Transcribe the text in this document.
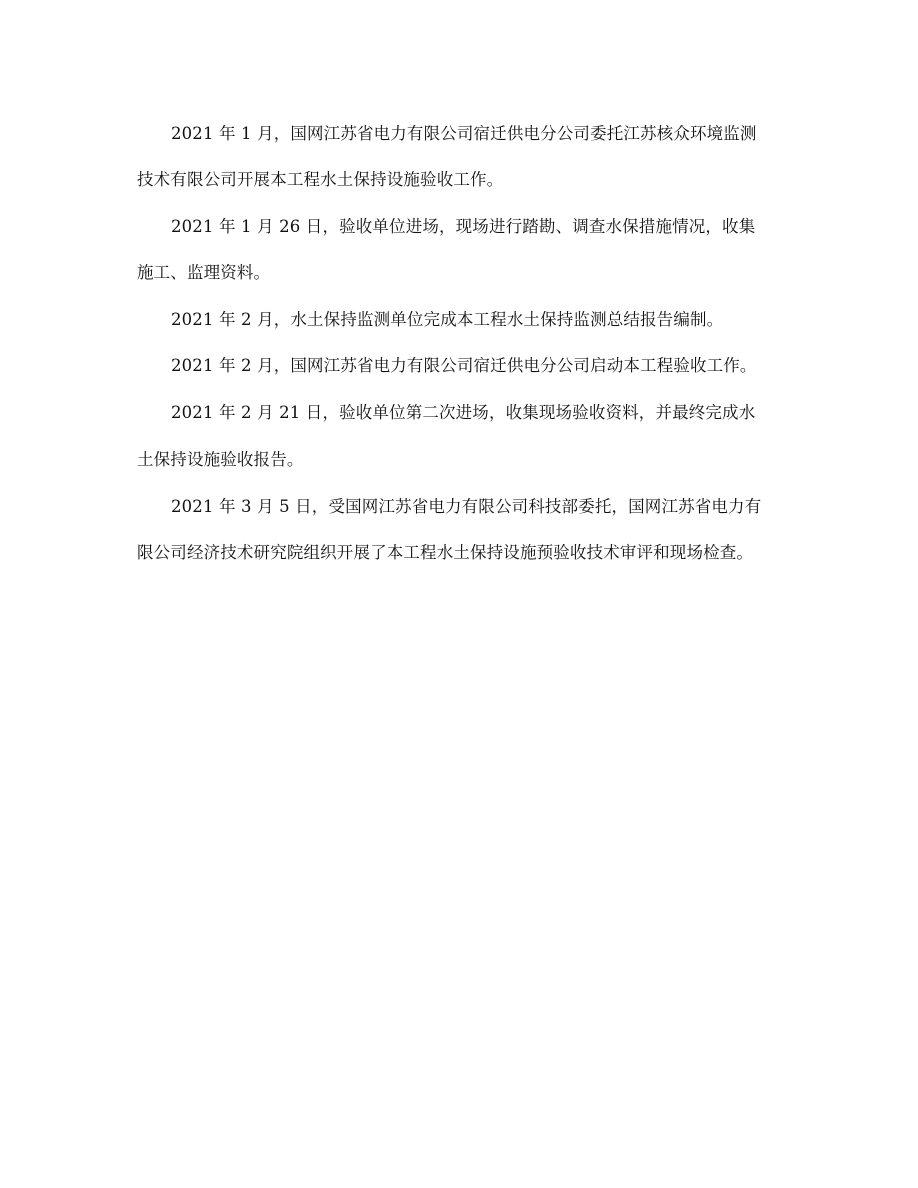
2021 年 1 月，国网江苏省电力有限公司宿迁供电分公司委托江苏核众环境监测

技术有限公司开展本工程水土保持设施验收工作。

2021 年 1 月 26 日，验收单位进场，现场进行踏勘、调查水保措施情况，收集

施工、监理资料。

2021 年 2 月，水土保持监测单位完成本工程水土保持监测总结报告编制。

2021 年 2 月，国网江苏省电力有限公司宿迁供电分公司启动本工程验收工作。

2021 年 2 月 21 日，验收单位第二次进场，收集现场验收资料，并最终完成水

土保持设施验收报告。

2021 年 3 月 5 日，受国网江苏省电力有限公司科技部委托，国网江苏省电力有

限公司经济技术研究院组织开展了本工程水土保持设施预验收技术审评和现场检查。
